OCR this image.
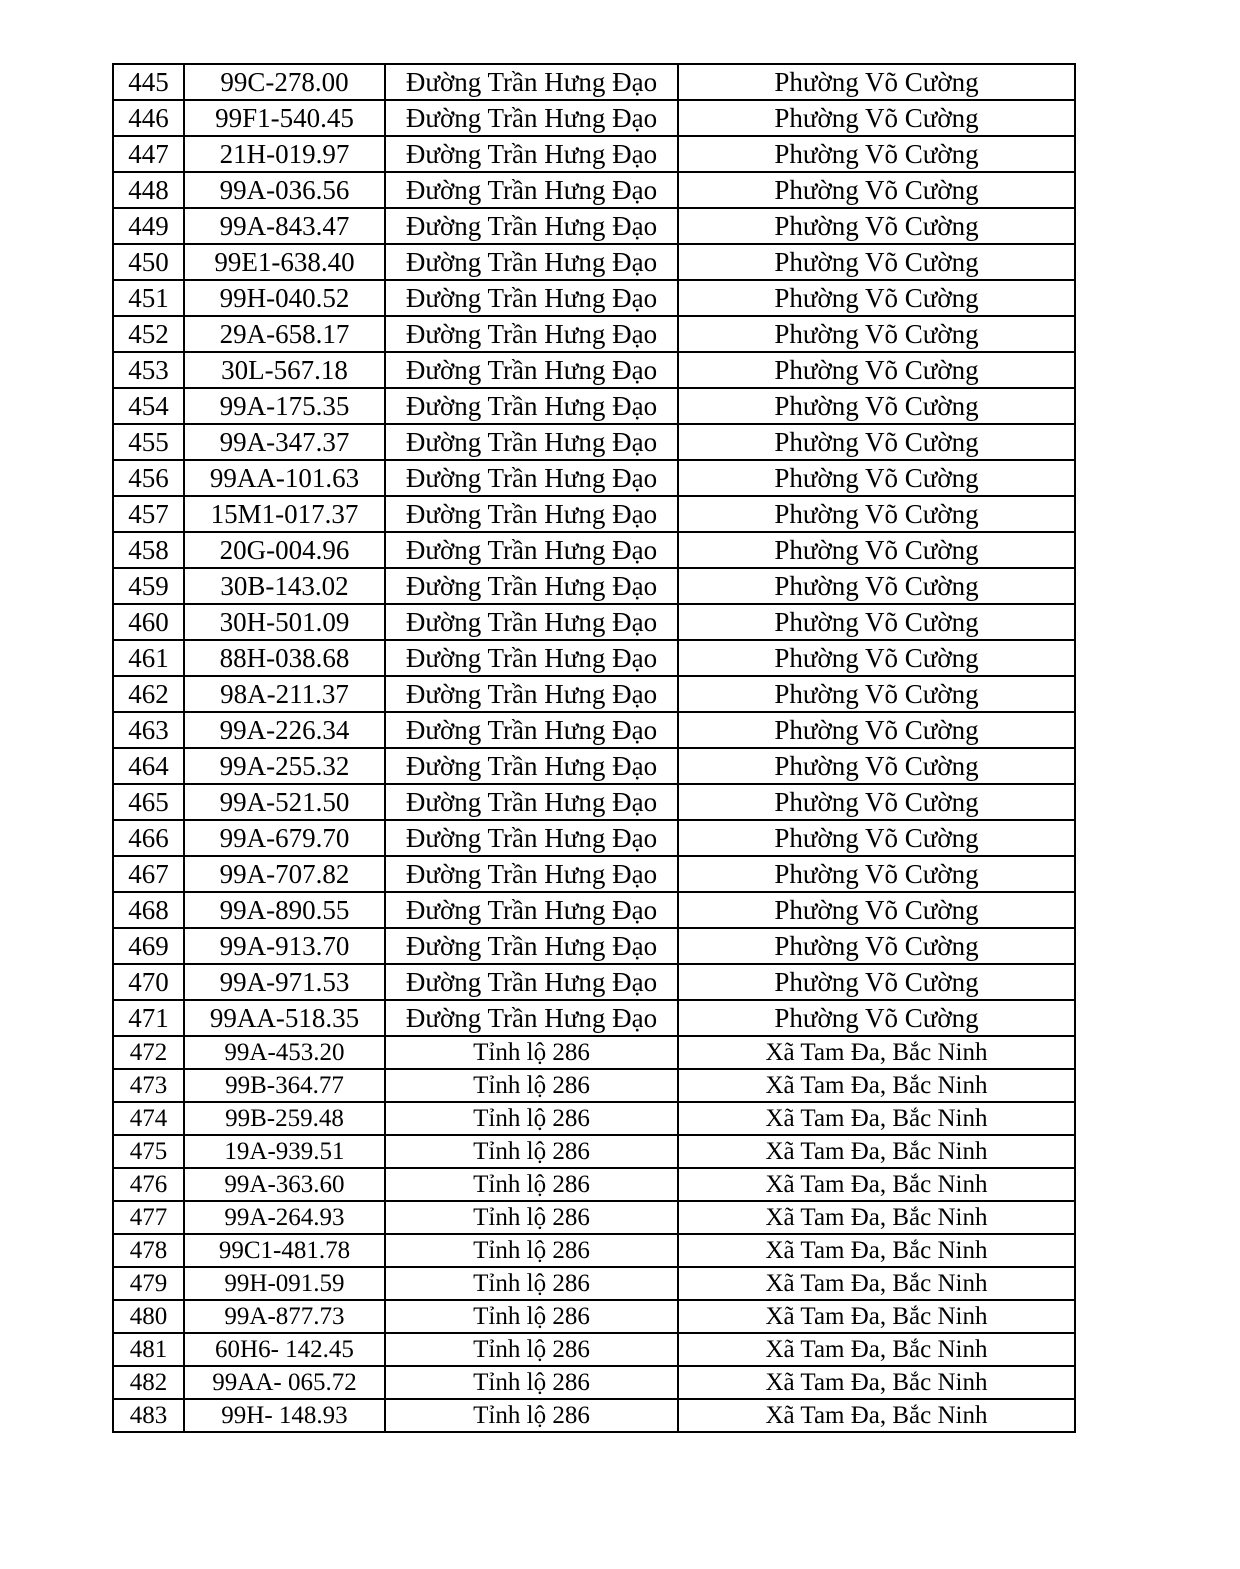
445	99C-278.00	Đường Trần Hưng Đạo	Phường Võ Cường
446	99F1-540.45	Đường Trần Hưng Đạo	Phường Võ Cường
447	21H-019.97	Đường Trần Hưng Đạo	Phường Võ Cường
448	99A-036.56	Đường Trần Hưng Đạo	Phường Võ Cường
449	99A-843.47	Đường Trần Hưng Đạo	Phường Võ Cường
450	99E1-638.40	Đường Trần Hưng Đạo	Phường Võ Cường
451	99H-040.52	Đường Trần Hưng Đạo	Phường Võ Cường
452	29A-658.17	Đường Trần Hưng Đạo	Phường Võ Cường
453	30L-567.18	Đường Trần Hưng Đạo	Phường Võ Cường
454	99A-175.35	Đường Trần Hưng Đạo	Phường Võ Cường
455	99A-347.37	Đường Trần Hưng Đạo	Phường Võ Cường
456	99AA-101.63	Đường Trần Hưng Đạo	Phường Võ Cường
457	15M1-017.37	Đường Trần Hưng Đạo	Phường Võ Cường
458	20G-004.96	Đường Trần Hưng Đạo	Phường Võ Cường
459	30B-143.02	Đường Trần Hưng Đạo	Phường Võ Cường
460	30H-501.09	Đường Trần Hưng Đạo	Phường Võ Cường
461	88H-038.68	Đường Trần Hưng Đạo	Phường Võ Cường
462	98A-211.37	Đường Trần Hưng Đạo	Phường Võ Cường
463	99A-226.34	Đường Trần Hưng Đạo	Phường Võ Cường
464	99A-255.32	Đường Trần Hưng Đạo	Phường Võ Cường
465	99A-521.50	Đường Trần Hưng Đạo	Phường Võ Cường
466	99A-679.70	Đường Trần Hưng Đạo	Phường Võ Cường
467	99A-707.82	Đường Trần Hưng Đạo	Phường Võ Cường
468	99A-890.55	Đường Trần Hưng Đạo	Phường Võ Cường
469	99A-913.70	Đường Trần Hưng Đạo	Phường Võ Cường
470	99A-971.53	Đường Trần Hưng Đạo	Phường Võ Cường
471	99AA-518.35	Đường Trần Hưng Đạo	Phường Võ Cường
472	99A-453.20	Tỉnh lộ 286	Xã Tam Đa, Bắc Ninh
473	99B-364.77	Tỉnh lộ 286	Xã Tam Đa, Bắc Ninh
474	99B-259.48	Tỉnh lộ 286	Xã Tam Đa, Bắc Ninh
475	19A-939.51	Tỉnh lộ 286	Xã Tam Đa, Bắc Ninh
476	99A-363.60	Tỉnh lộ 286	Xã Tam Đa, Bắc Ninh
477	99A-264.93	Tỉnh lộ 286	Xã Tam Đa, Bắc Ninh
478	99C1-481.78	Tỉnh lộ 286	Xã Tam Đa, Bắc Ninh
479	99H-091.59	Tỉnh lộ 286	Xã Tam Đa, Bắc Ninh
480	99A-877.73	Tỉnh lộ 286	Xã Tam Đa, Bắc Ninh
481	60H6- 142.45	Tỉnh lộ 286	Xã Tam Đa, Bắc Ninh
482	99AA- 065.72	Tỉnh lộ 286	Xã Tam Đa, Bắc Ninh
483	99H- 148.93	Tỉnh lộ 286	Xã Tam Đa, Bắc Ninh
